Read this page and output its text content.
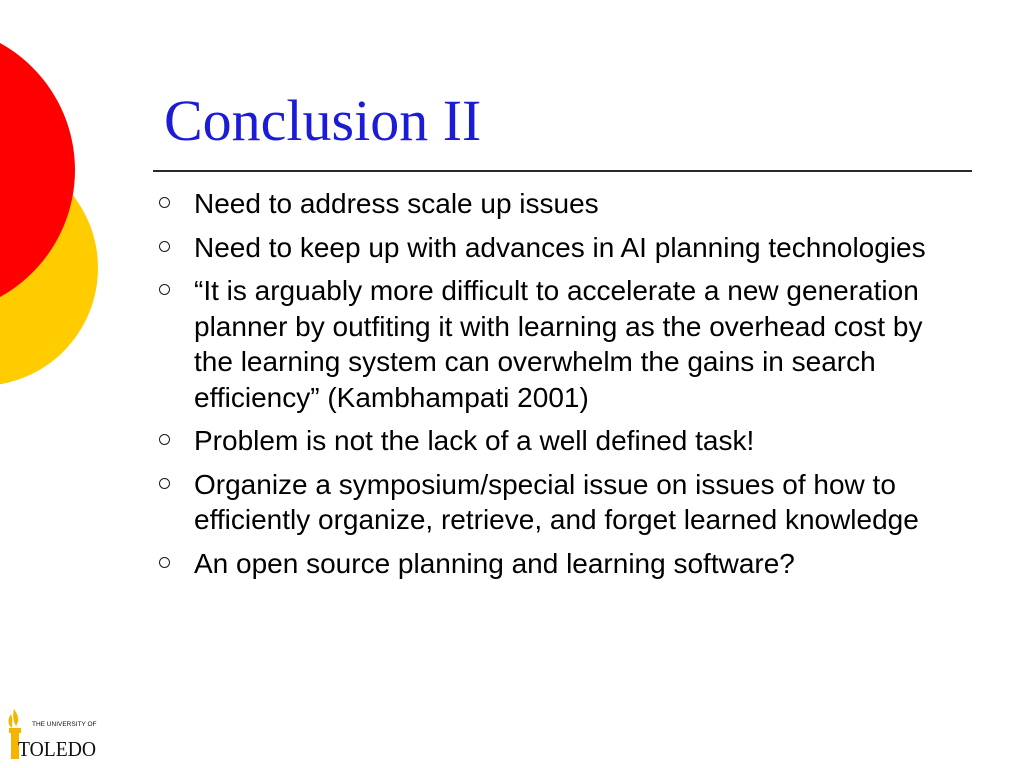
Conclusion II
Need to address scale up issues
Need to keep up with advances in AI planning technologies
“It is arguably more difficult to accelerate a new generation planner by outfiting it with learning as the overhead cost by the learning system can overwhelm the gains in search efficiency” (Kambhampati 2001)
Problem is not the lack of a well defined task!
Organize a symposium/special issue on issues of how to efficiently organize, retrieve, and forget learned knowledge
An open source planning and learning software?
THE UNIVERSITY OF
TOLEDO
